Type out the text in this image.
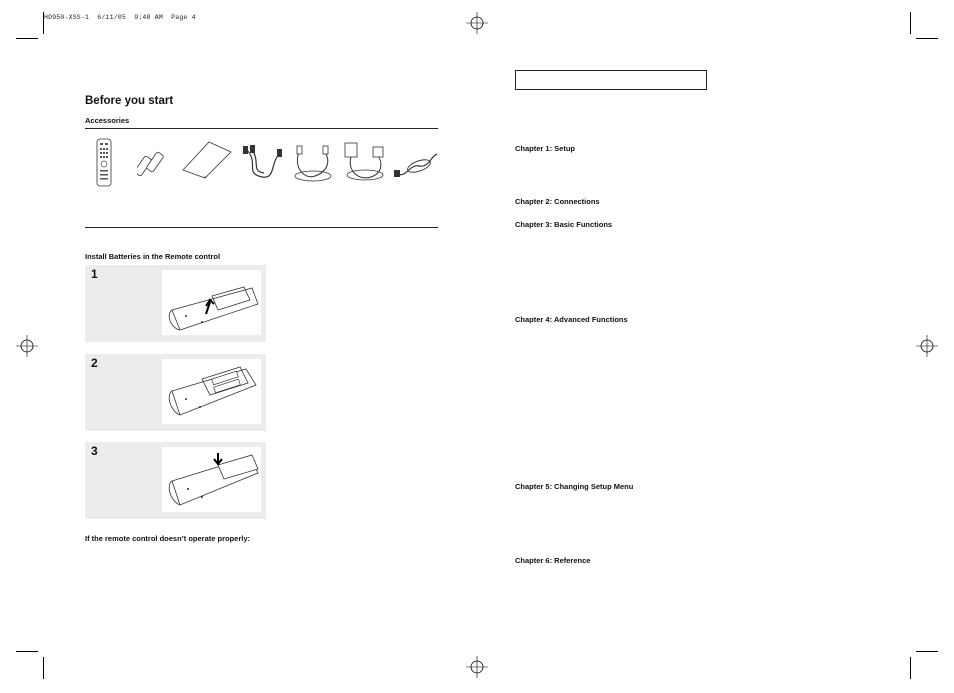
HD950-XSS-1  6/11/05  9:48 AM  Page 4
Before you start
Accessories
Install Batteries in the Remote control
1
2
3
If the remote control doesn’t operate properly:
Chapter 1: Setup
Chapter 2: Connections
Chapter 3: Basic Functions
Chapter 4: Advanced Functions
Chapter 5: Changing Setup Menu
Chapter 6: Reference
